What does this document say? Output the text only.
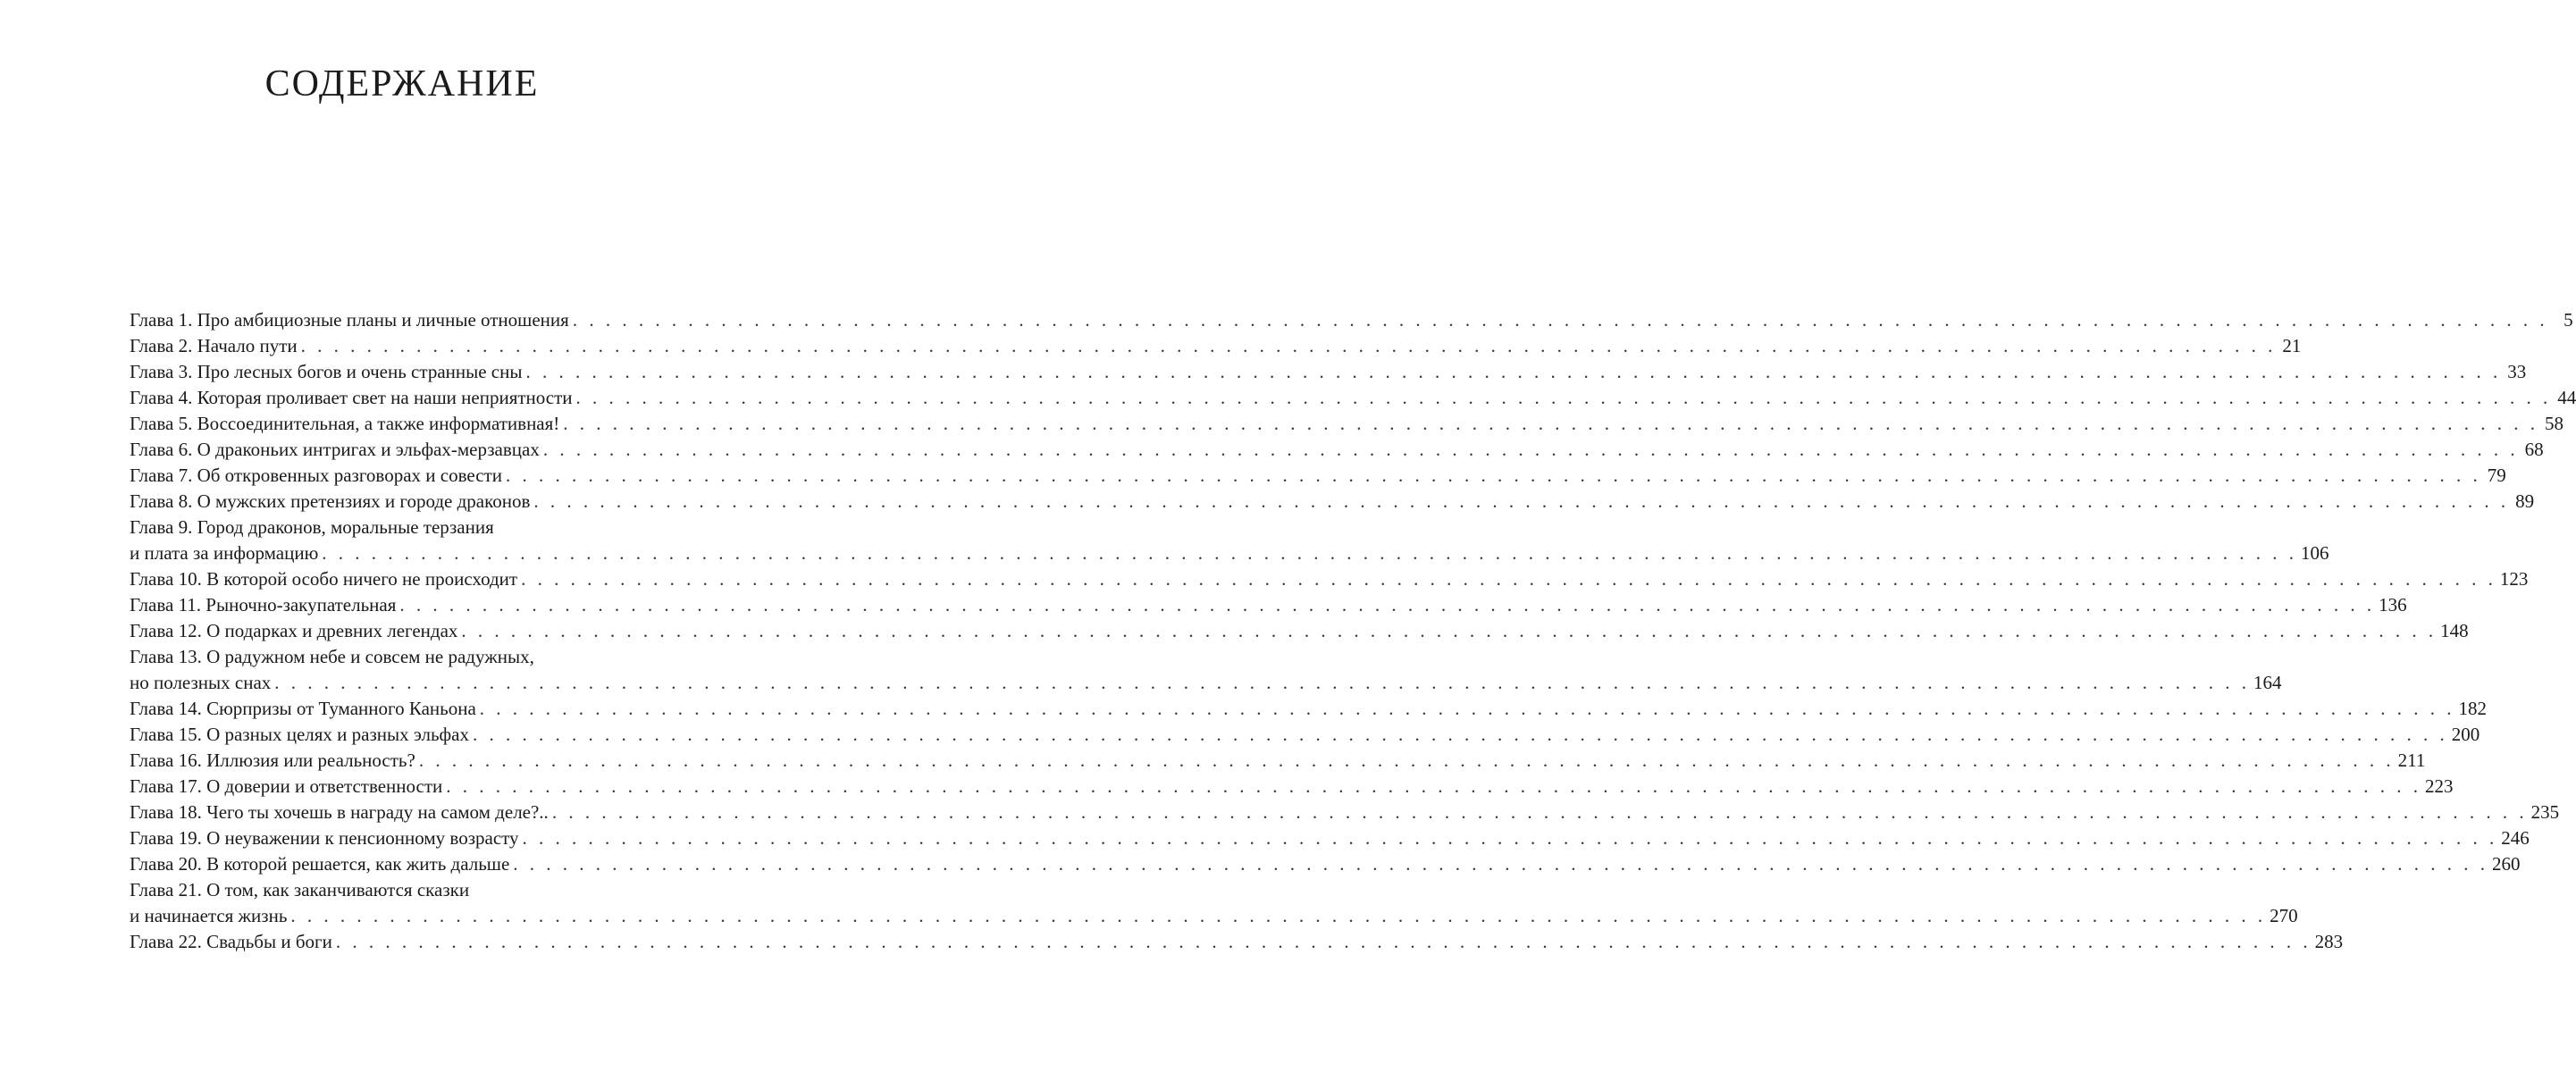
СОДЕРЖАНИЕ
Глава 1. Про амбициозные планы и личные отношения . . . . . . . . . . . . . . . . . . . . . . . . . . . . . . . . . . . . . . . . . . . . . . . . . . . . . . . . . . . . . . . . . . . . . . . . . . . . . . . . . . . . . . . . . . . . . . . . . . . . . . . . . . . . . . . . . . . . . . . . 5
Глава 2. Начало пути . . . . . . . . . . . . . . . . . . . . . . . . . . . . . . . . . . . . . . . . . . . . . . . . . . . . . . . . . . . . . . . . . . . . . . . . . . . . . . . . . . . . . . . . . . . . . . . . . . . . . . . . . . . . . . . . . . . . . . . . 21
Глава 3. Про лесных богов и очень странные сны . . . . . . . . . . . . . . . . . . . . . . . . . . . . . . . . . . . . . . . . . . . . . . . . . . . . . . . . . . . . . . . . . . . . . . . . . . . . . . . . . . . . . . . . . . . . . . . . . . . . . . . . . . . . . . . . . . . . . . . . 33
Глава 4. Которая проливает свет на наши неприятности . . . . . . . . . . . . . . . . . . . . . . . . . . . . . . . . . . . . . . . . . . . . . . . . . . . . . . . . . . . . . . . . . . . . . . . . . . . . . . . . . . . . . . . . . . . . . . . . . . . . . . . . . . . . . . . . . . . . . . . . 44
Глава 5. Воссоединительная, а также информативная! . . . . . . . . . . . . . . . . . . . . . . . . . . . . . . . . . . . . . . . . . . . . . . . . . . . . . . . . . . . . . . . . . . . . . . . . . . . . . . . . . . . . . . . . . . . . . . . . . . . . . . . . . . . . . . . . . . . . . . . . 58
Глава 6. О драконьих интригах и эльфах-мерзавцах . . . . . . . . . . . . . . . . . . . . . . . . . . . . . . . . . . . . . . . . . . . . . . . . . . . . . . . . . . . . . . . . . . . . . . . . . . . . . . . . . . . . . . . . . . . . . . . . . . . . . . . . . . . . . . . . . . . . . . . . 68
Глава 7. Об откровенных разговорах и совести . . . . . . . . . . . . . . . . . . . . . . . . . . . . . . . . . . . . . . . . . . . . . . . . . . . . . . . . . . . . . . . . . . . . . . . . . . . . . . . . . . . . . . . . . . . . . . . . . . . . . . . . . . . . . . . . . . . . . . . . 79
Глава 8. О мужских претензиях и городе драконов . . . . . . . . . . . . . . . . . . . . . . . . . . . . . . . . . . . . . . . . . . . . . . . . . . . . . . . . . . . . . . . . . . . . . . . . . . . . . . . . . . . . . . . . . . . . . . . . . . . . . . . . . . . . . . . . . . . . . . . . 89
Глава 9. Город драконов, моральные терзания
и плата за информацию . . . . . . . . . . . . . . . . . . . . . . . . . . . . . . . . . . . . . . . . . . . . . . . . . . . . . . . . . . . . . . . . . . . . . . . . . . . . . . . . . . . . . . . . . . . . . . . . . . . . . . . . . . . . . . . . . . . . . . . . 106
Глава 10. В которой особо ничего не происходит . . . . . . . . . . . . . . . . . . . . . . . . . . . . . . . . . . . . . . . . . . . . . . . . . . . . . . . . . . . . . . . . . . . . . . . . . . . . . . . . . . . . . . . . . . . . . . . . . . . . . . . . . . . . . . . . . . . . . . . . 123
Глава 11. Рыночно-закупательная . . . . . . . . . . . . . . . . . . . . . . . . . . . . . . . . . . . . . . . . . . . . . . . . . . . . . . . . . . . . . . . . . . . . . . . . . . . . . . . . . . . . . . . . . . . . . . . . . . . . . . . . . . . . . . . . . . . . . . . . 136
Глава 12. О подарках и древних легендах . . . . . . . . . . . . . . . . . . . . . . . . . . . . . . . . . . . . . . . . . . . . . . . . . . . . . . . . . . . . . . . . . . . . . . . . . . . . . . . . . . . . . . . . . . . . . . . . . . . . . . . . . . . . . . . . . . . . . . . . 148
Глава 13. О радужном небе и совсем не радужных,
но полезных снах . . . . . . . . . . . . . . . . . . . . . . . . . . . . . . . . . . . . . . . . . . . . . . . . . . . . . . . . . . . . . . . . . . . . . . . . . . . . . . . . . . . . . . . . . . . . . . . . . . . . . . . . . . . . . . . . . . . . . . . . 164
Глава 14. Сюрпризы от Туманного Каньона . . . . . . . . . . . . . . . . . . . . . . . . . . . . . . . . . . . . . . . . . . . . . . . . . . . . . . . . . . . . . . . . . . . . . . . . . . . . . . . . . . . . . . . . . . . . . . . . . . . . . . . . . . . . . . . . . . . . . . . . 182
Глава 15. О разных целях и разных эльфах . . . . . . . . . . . . . . . . . . . . . . . . . . . . . . . . . . . . . . . . . . . . . . . . . . . . . . . . . . . . . . . . . . . . . . . . . . . . . . . . . . . . . . . . . . . . . . . . . . . . . . . . . . . . . . . . . . . . . . . . 200
Глава 16. Иллюзия или реальность? . . . . . . . . . . . . . . . . . . . . . . . . . . . . . . . . . . . . . . . . . . . . . . . . . . . . . . . . . . . . . . . . . . . . . . . . . . . . . . . . . . . . . . . . . . . . . . . . . . . . . . . . . . . . . . . . . . . . . . . . 211
Глава 17. О доверии и ответственности . . . . . . . . . . . . . . . . . . . . . . . . . . . . . . . . . . . . . . . . . . . . . . . . . . . . . . . . . . . . . . . . . . . . . . . . . . . . . . . . . . . . . . . . . . . . . . . . . . . . . . . . . . . . . . . . . . . . . . . . 223
Глава 18. Чего ты хочешь в награду на самом деле?.. . . . . . . . . . . . . . . . . . . . . . . . . . . . . . . . . . . . . . . . . . . . . . . . . . . . . . . . . . . . . . . . . . . . . . . . . . . . . . . . . . . . . . . . . . . . . . . . . . . . . . . . . . . . . . . . . . . . . . . . . 235
Глава 19. О неуважении к пенсионному возрасту . . . . . . . . . . . . . . . . . . . . . . . . . . . . . . . . . . . . . . . . . . . . . . . . . . . . . . . . . . . . . . . . . . . . . . . . . . . . . . . . . . . . . . . . . . . . . . . . . . . . . . . . . . . . . . . . . . . . . . . . 246
Глава 20. В которой решается, как жить дальше . . . . . . . . . . . . . . . . . . . . . . . . . . . . . . . . . . . . . . . . . . . . . . . . . . . . . . . . . . . . . . . . . . . . . . . . . . . . . . . . . . . . . . . . . . . . . . . . . . . . . . . . . . . . . . . . . . . . . . . . 260
Глава 21. О том, как заканчиваются сказки
и начинается жизнь . . . . . . . . . . . . . . . . . . . . . . . . . . . . . . . . . . . . . . . . . . . . . . . . . . . . . . . . . . . . . . . . . . . . . . . . . . . . . . . . . . . . . . . . . . . . . . . . . . . . . . . . . . . . . . . . . . . . . . . . 270
Глава 22. Свадьбы и боги . . . . . . . . . . . . . . . . . . . . . . . . . . . . . . . . . . . . . . . . . . . . . . . . . . . . . . . . . . . . . . . . . . . . . . . . . . . . . . . . . . . . . . . . . . . . . . . . . . . . . . . . . . . . . . . . . . . . . . . . 283
